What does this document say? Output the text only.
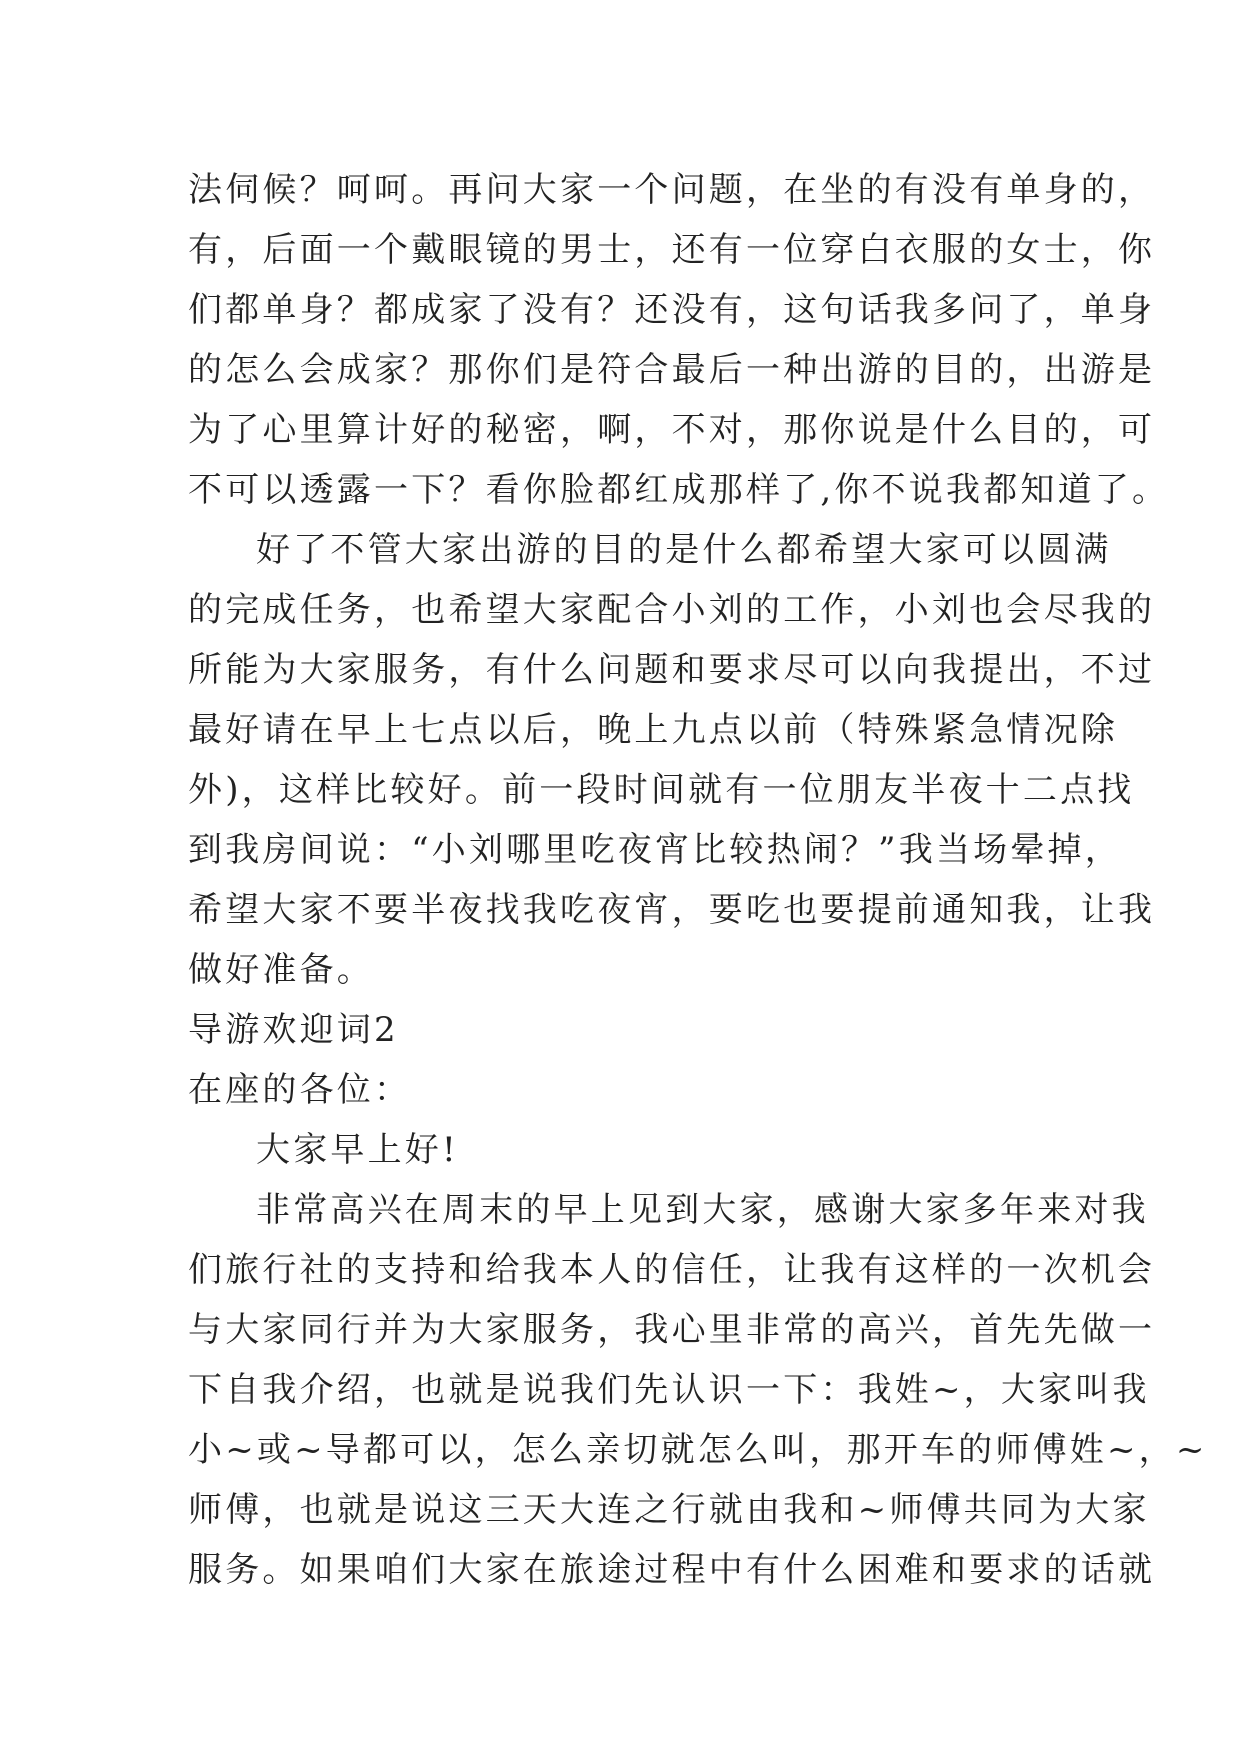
法伺候？呵呵。再问大家一个问题，在坐的有没有单身的，
有，后面一个戴眼镜的男士，还有一位穿白衣服的女士，你
们都单身？都成家了没有？还没有，这句话我多问了，单身
的怎么会成家？那你们是符合最后一种出游的目的，出游是
为了心里算计好的秘密，啊，不对，那你说是什么目的，可
不可以透露一下？看你脸都红成那样了,你不说我都知道了。
好了不管大家出游的目的是什么都希望大家可以圆满
的完成任务，也希望大家配合小刘的工作，小刘也会尽我的
所能为大家服务，有什么问题和要求尽可以向我提出，不过
最好请在早上七点以后，晚上九点以前（特殊紧急情况除
外)，这样比较好。前一段时间就有一位朋友半夜十二点找
到我房间说：“小刘哪里吃夜宵比较热闹？”我当场晕掉，
希望大家不要半夜找我吃夜宵，要吃也要提前通知我，让我
做好准备。
导游欢迎词2
在座的各位：
大家早上好!
非常高兴在周末的早上见到大家，感谢大家多年来对我
们旅行社的支持和给我本人的信任，让我有这样的一次机会
与大家同行并为大家服务，我心里非常的高兴，首先先做一
下自我介绍，也就是说我们先认识一下：我姓~，大家叫我
小~或~导都可以，怎么亲切就怎么叫，那开车的师傅姓~，~
师傅，也就是说这三天大连之行就由我和~师傅共同为大家
服务。如果咱们大家在旅途过程中有什么困难和要求的话就
